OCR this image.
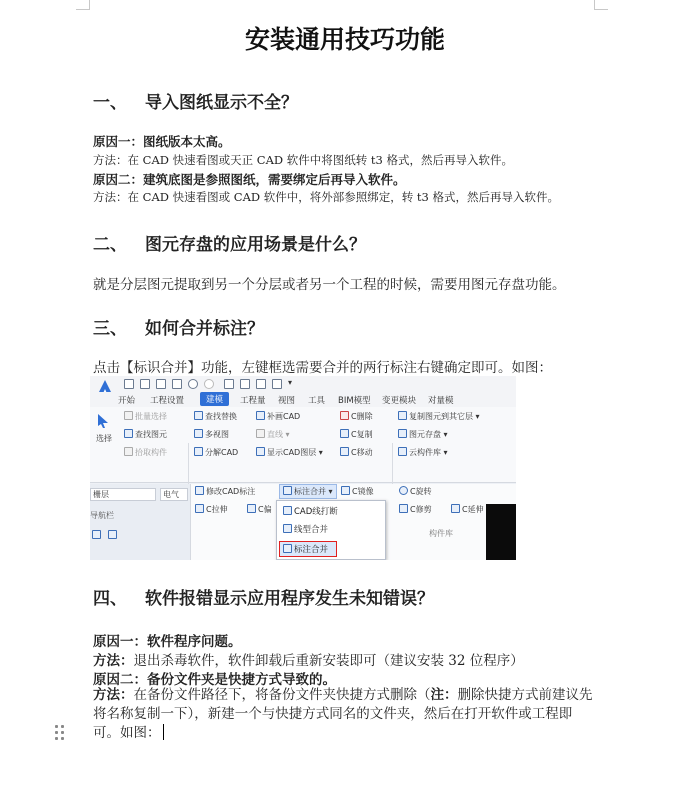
安装通用技巧功能
一、 导入图纸显示不全？
原因一：图纸版本太高。
方法：在 CAD 快速看图或天正 CAD 软件中将图纸转 t3 格式，然后再导入软件。
原因二：建筑底图是参照图纸，需要绑定后再导入软件。
方法：在 CAD 快速看图或 CAD 软件中，将外部参照绑定，转 t3 格式，然后再导入软件。
二、 图元存盘的应用场景是什么？
就是分层图元提取到另一个分层或者另一个工程的时候，需要用图元存盘功能。
三、 如何合并标注？
点击【标识合并】功能，左键框选需要合并的两行标注右键确定即可。如图：
▾
开始 工程设置	建模	工程量 视图 工具 BIM模型 变更模块 对量模
选择
批量选择
查找图元
拾取构件
查找替换
多视图
分解CAD
补画CAD
直线 ▾
显示CAD图层 ▾
C删除
C复制
C移动
复制图元到其它层 ▾
图元存盘 ▾
云构件库 ▾
栅层	电气
导航栏
修改CAD标注	标注合并 ▾	C镜像	C旋转
C拉伸	C偏	C修剪	C延伸
构件库
CAD线打断
线型合并
标注合并
四、 软件报错显示应用程序发生未知错误？
原因一：软件程序问题。
方法：退出杀毒软件，软件卸载后重新安装即可（建议安装 32 位程序）
原因二：备份文件夹是快捷方式导致的。
方法：在备份文件路径下，将备份文件夹快捷方式删除（注：删除快捷方式前建议先将名称复制一下），新建一个与快捷方式同名的文件夹，然后在打开软件或工程即可。如图：
